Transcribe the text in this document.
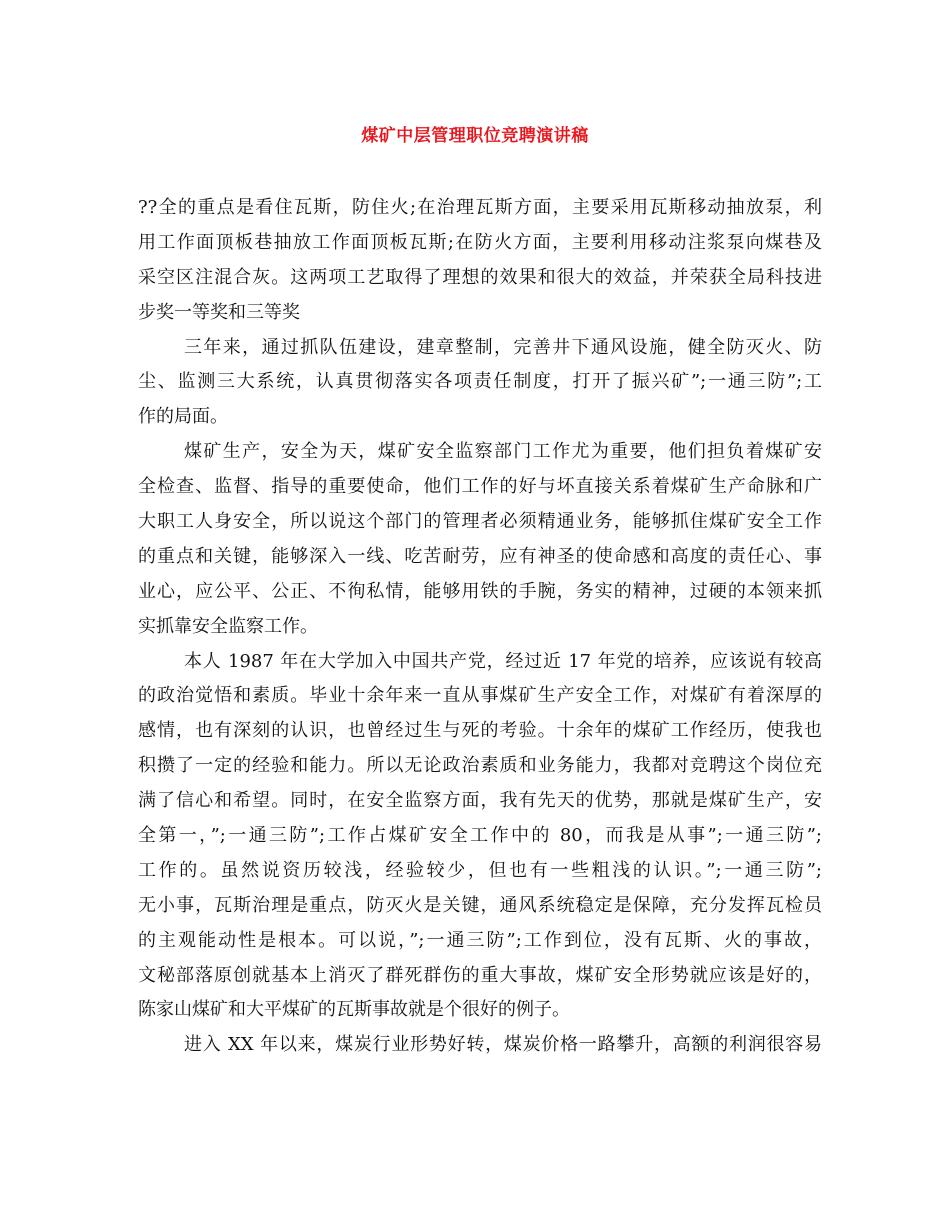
煤矿中层管理职位竞聘演讲稿
??全的重点是看住瓦斯，防住火;在治理瓦斯方面，主要采用瓦斯移动抽放泵，利
用工作面顶板巷抽放工作面顶板瓦斯;在防火方面，主要利用移动注浆泵向煤巷及
采空区注混合灰。这两项工艺取得了理想的效果和很大的效益，并荣获全局科技进
步奖一等奖和三等奖
三年来，通过抓队伍建设，建章整制，完善井下通风设施，健全防灭火、防
尘、监测三大系统，认真贯彻落实各项责任制度，打开了振兴矿”;一通三防”;工
作的局面。
煤矿生产，安全为天，煤矿安全监察部门工作尤为重要，他们担负着煤矿安
全检查、监督、指导的重要使命，他们工作的好与坏直接关系着煤矿生产命脉和广
大职工人身安全，所以说这个部门的管理者必须精通业务，能够抓住煤矿安全工作
的重点和关键，能够深入一线、吃苦耐劳，应有神圣的使命感和高度的责任心、事
业心，应公平、公正、不徇私情，能够用铁的手腕，务实的精神，过硬的本领来抓
实抓靠安全监察工作。
本人 1987 年在大学加入中国共产党，经过近 17 年党的培养，应该说有较高
的政治觉悟和素质。毕业十余年来一直从事煤矿生产安全工作，对煤矿有着深厚的
感情，也有深刻的认识，也曾经过生与死的考验。十余年的煤矿工作经历，使我也
积攒了一定的经验和能力。所以无论政治素质和业务能力，我都对竞聘这个岗位充
满了信心和希望。同时，在安全监察方面，我有先天的优势，那就是煤矿生产，安
全第一，”;一通三防”;工作占煤矿安全工作中的 80，而我是从事”;一通三防”;
工作的。虽然说资历较浅，经验较少，但也有一些粗浅的认识。”;一通三防”;
无小事，瓦斯治理是重点，防灭火是关键，通风系统稳定是保障，充分发挥瓦检员
的主观能动性是根本。可以说，”;一通三防”;工作到位，没有瓦斯、火的事故，
文秘部落原创就基本上消灭了群死群伤的重大事故，煤矿安全形势就应该是好的，
陈家山煤矿和大平煤矿的瓦斯事故就是个很好的例子。
进入 XX 年以来，煤炭行业形势好转，煤炭价格一路攀升，高额的利润很容易
